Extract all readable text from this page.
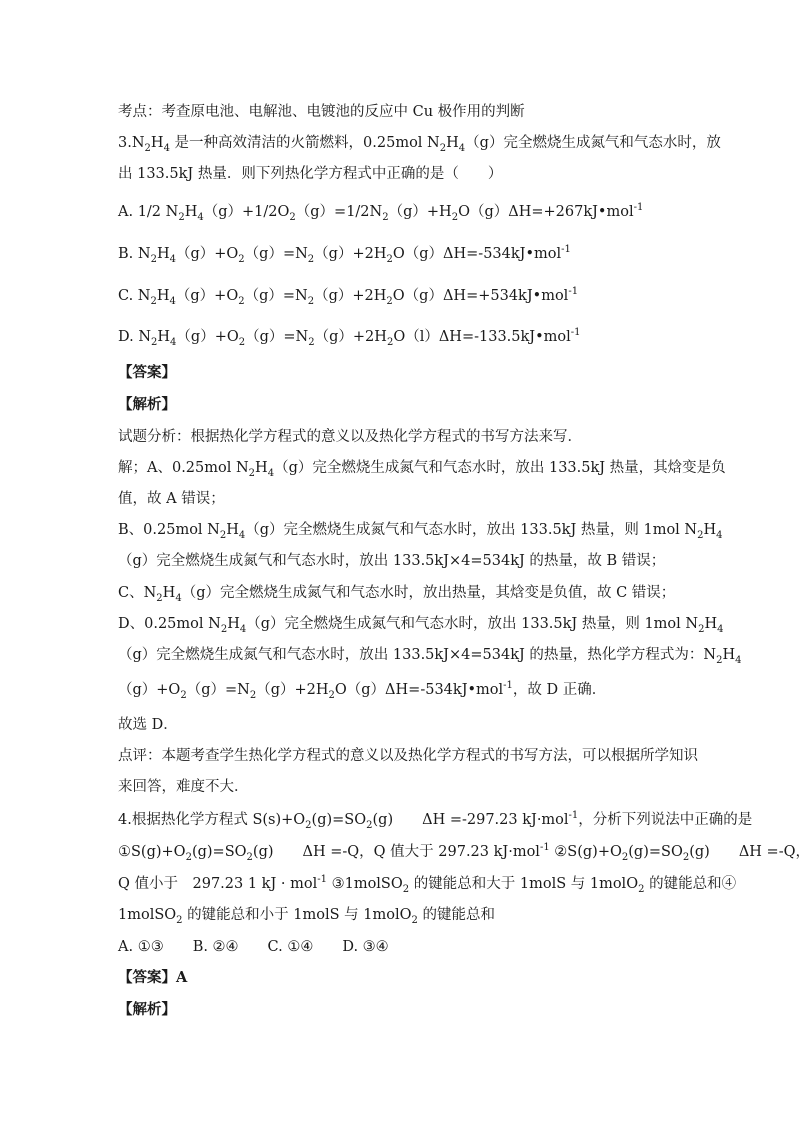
考点：考查原电池、电解池、电镀池的反应中 Cu 极作用的判断
$3.N_2H_4$ 是一种高效清洁的火箭燃料，0.25mol $N_2H_4(g)$完全燃烧生成氮气和气态水时，放
出 133.5kJ 热量．则下列热化学方程式中正确的是（　　）
A. 1/2 $N_2H_4(g)+1/2O_2(g)=1/2N_2(g)+H_2O(g)\Delta H=+267kJ•mol^{-1}$
B. $N_2H_4(g)+O_2(g)=N_2(g)+2H_2O(g)\Delta H=-534kJ•mol^{-1}$
C. $N_2H_4(g)+O_2(g)=N_2(g)+2H_2O(g)\Delta H=+534kJ•mol^{-1}$
D. $N_2H_4(g)+O_2(g)=N_2(g)+2H_2O(l)\Delta H=-133.5kJ•mol^{-1}$
【答案】
【解析】
试题分析：根据热化学方程式的意义以及热化学方程式的书写方法来写．
解；A、0.25mol $N_2H_4(g)$完全燃烧生成氮气和气态水时，放出 133.5kJ 热量，其焓变是负
值，故 A 错误；
B、0.25mol $N_2H_4(g)$完全燃烧生成氮气和气态水时，放出 133.5kJ 热量，则 1mol $N_2H_4$
（g）完全燃烧生成氮气和气态水时，放出 133.5kJ×4=534kJ 的热量，故 B 错误；
C、$N_2H_4(g)$完全燃烧生成氮气和气态水时，放出热量，其焓变是负值，故 C 错误；
D、0.25mol $N_2H_4(g)$完全燃烧生成氮气和气态水时，放出 133.5kJ 热量，则 1mol $N_2H_4$
（g）完全燃烧生成氮气和气态水时，放出 133.5kJ×4=534kJ 的热量，热化学方程式为：$N_2H_4$
$(g)+O_2(g)=N_2(g)+2H_2O(g)\Delta H=-534kJ•mol^{-1}$，故 D 正确．
故选 D．
点评：本题考查学生热化学方程式的意义以及热化学方程式的书写方法，可以根据所学知识
来回答，难度不大．
4.根据热化学方程式 $S(s)+O_2(g)=SO_2(g)$　　ΔH =-297.23 kJ·mol$^{-1}$，分析下列说法中正确的是
$①S(g)+O_2(g)=SO_2(g)$　　ΔH =-Q，Q 值大于 297.23 kJ·mol$^{-1}$ $②S(g)+O_2(g)=SO_2(g)$　　ΔH =-Q，
Q 值小于　297.23 1 kJ · mol$^{-1}$ ③1molSO$_2$ 的键能总和大于 1molS 与 1molO$_2$ 的键能总和④
1molSO$_2$ 的键能总和小于 1molS 与 1molO$_2$ 的键能总和
A. ①③　　B. ②④　　C. ①④　　D. ③④
【答案】A
【解析】
